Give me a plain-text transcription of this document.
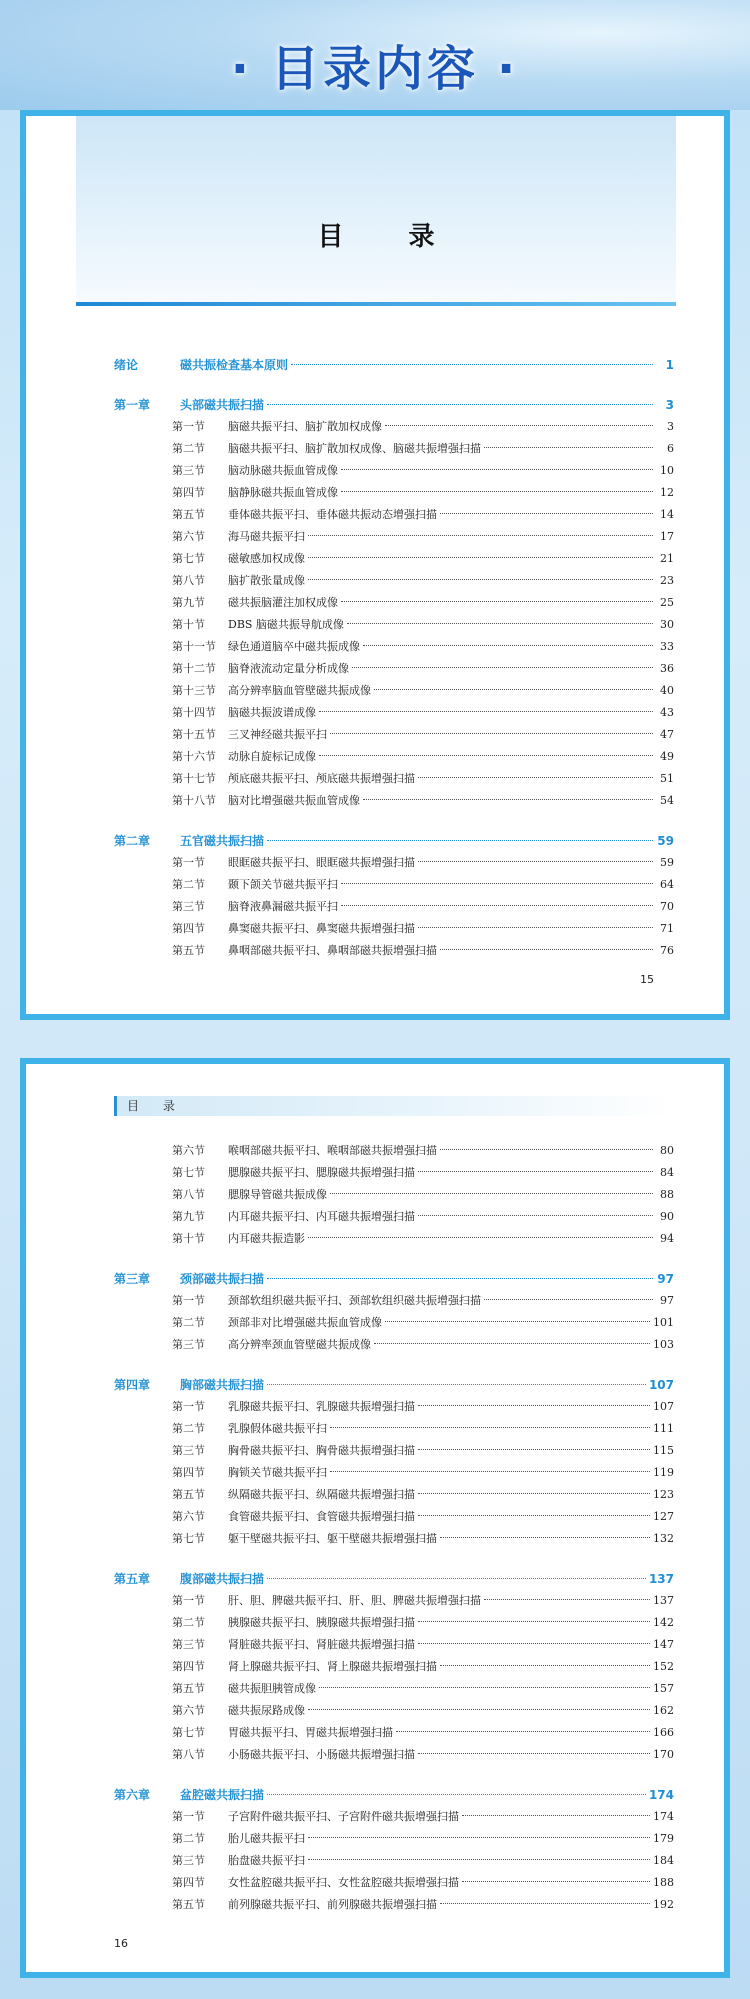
· 目录内容 ·
目 录
绪论	磁共振检查基本原则	1
第一章	头部磁共振扫描	3
第一节	脑磁共振平扫、脑扩散加权成像	3
第二节	脑磁共振平扫、脑扩散加权成像、脑磁共振增强扫描	6
第三节	脑动脉磁共振血管成像	10
第四节	脑静脉磁共振血管成像	12
第五节	垂体磁共振平扫、垂体磁共振动态增强扫描	14
第六节	海马磁共振平扫	17
第七节	磁敏感加权成像	21
第八节	脑扩散张量成像	23
第九节	磁共振脑灌注加权成像	25
第十节	DBS 脑磁共振导航成像	30
第十一节	绿色通道脑卒中磁共振成像	33
第十二节	脑脊液流动定量分析成像	36
第十三节	高分辨率脑血管壁磁共振成像	40
第十四节	脑磁共振波谱成像	43
第十五节	三叉神经磁共振平扫	47
第十六节	动脉自旋标记成像	49
第十七节	颅底磁共振平扫、颅底磁共振增强扫描	51
第十八节	脑对比增强磁共振血管成像	54
第二章	五官磁共振扫描	59
第一节	眼眶磁共振平扫、眼眶磁共振增强扫描	59
第二节	颞下颌关节磁共振平扫	64
第三节	脑脊液鼻漏磁共振平扫	70
第四节	鼻窦磁共振平扫、鼻窦磁共振增强扫描	71
第五节	鼻咽部磁共振平扫、鼻咽部磁共振增强扫描	76
15
目 录
第六节	喉咽部磁共振平扫、喉咽部磁共振增强扫描	80
第七节	腮腺磁共振平扫、腮腺磁共振增强扫描	84
第八节	腮腺导管磁共振成像	88
第九节	内耳磁共振平扫、内耳磁共振增强扫描	90
第十节	内耳磁共振造影	94
第三章	颈部磁共振扫描	97
第一节	颈部软组织磁共振平扫、颈部软组织磁共振增强扫描	97
第二节	颈部非对比增强磁共振血管成像	101
第三节	高分辨率颈血管壁磁共振成像	103
第四章	胸部磁共振扫描	107
第一节	乳腺磁共振平扫、乳腺磁共振增强扫描	107
第二节	乳腺假体磁共振平扫	111
第三节	胸骨磁共振平扫、胸骨磁共振增强扫描	115
第四节	胸锁关节磁共振平扫	119
第五节	纵隔磁共振平扫、纵隔磁共振增强扫描	123
第六节	食管磁共振平扫、食管磁共振增强扫描	127
第七节	躯干壁磁共振平扫、躯干壁磁共振增强扫描	132
第五章	腹部磁共振扫描	137
第一节	肝、胆、脾磁共振平扫、肝、胆、脾磁共振增强扫描	137
第二节	胰腺磁共振平扫、胰腺磁共振增强扫描	142
第三节	肾脏磁共振平扫、肾脏磁共振增强扫描	147
第四节	肾上腺磁共振平扫、肾上腺磁共振增强扫描	152
第五节	磁共振胆胰管成像	157
第六节	磁共振尿路成像	162
第七节	胃磁共振平扫、胃磁共振增强扫描	166
第八节	小肠磁共振平扫、小肠磁共振增强扫描	170
第六章	盆腔磁共振扫描	174
第一节	子宫附件磁共振平扫、子宫附件磁共振增强扫描	174
第二节	胎儿磁共振平扫	179
第三节	胎盘磁共振平扫	184
第四节	女性盆腔磁共振平扫、女性盆腔磁共振增强扫描	188
第五节	前列腺磁共振平扫、前列腺磁共振增强扫描	192
16
